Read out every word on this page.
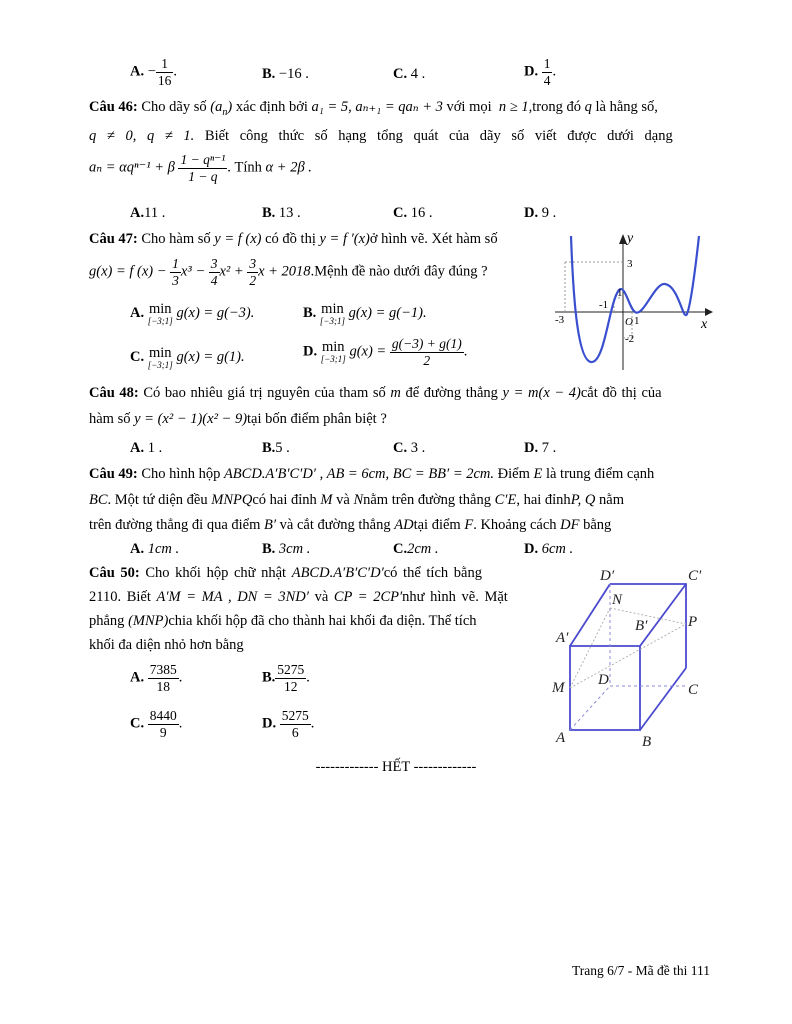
A. − $\frac{1}{16}$ .	B. −16 .	C. 4 .	D. $\frac{1}{4}$ .
Câu 46: Cho dãy số $(a_n)$ xác định bởi a₁ = 5, aₙ₊₁ = qaₙ + 3 với mọi n ≥ 1,trong đó q là hằng số,
q ≠ 0, q ≠ 1. Biết công thức số hạng tổng quát của dãy số viết được dưới dạng
aₙ = αqⁿ⁻¹ + β $\frac{\text{1 − qⁿ⁻¹}}{1 - q}$ . Tính α + 2β .
A.11 .	B. 13 .	C. 16 .	D. 9 .
Câu 47: Cho hàm số y = f (x) có đồ thị y = f ′(x)ở hình vẽ. Xét hàm số
g(x) = f $(x) - \frac{1}{3} x^3 - \frac{3}{4} x^2 + \frac{3}{2}$ x + 2018.Mệnh đề nào dưới đây đúng ?
A. min
[−3;1] g(x) = g(−3).	B. min
[−3;1] g(x) = g(−1).
C. min
[−3;1] g(x) = g(1).	D. min
[−3;1] $g(x) = \frac{g(-3) + g(1)}{2}$ .
y
x
O
3
-1
1
-3	1
-2
Câu 48: Có bao nhiêu giá trị nguyên của tham số m để đường thẳng y = m(x − 4)cắt đồ thị của
hàm số y = (x² − 1)(x² − 9)tại bốn điểm phân biệt ?
A. 1 .	B.5 .	C. 3 .	D. 7 .
Câu 49: Cho hình hộp ABCD.A′B′C′D′ , AB = 6cm, BC = BB′ = 2cm. Điểm E là trung điểm cạnh
BC. Một tứ diện đều MNPQcó hai đỉnh M và Nnằm trên đường thẳng C′E, hai đỉnhP, Q nằm
trên đường thẳng đi qua điểm B′ và cắt đường thẳng ADtại điểm F. Khoảng cách DF bằng
A. 1cm .	B. 3cm .	C.2cm .	D. 6cm .
Câu 50: Cho khối hộp chữ nhật ABCD.A′B′C′D′có thể tích bằng
2110. Biết A′M = MA , DN = 3ND′ và CP = 2CP′như hình vẽ. Mặt
phẳng (MNP)chia khối hộp đã cho thành hai khối đa diện. Thể tích
khối đa diện nhỏ hơn bằng
A. $\frac{7385}{18}$ .	B. $\frac{5275}{12}$ .
C. $\frac{8440}{9}$ .	D. $\frac{5275}{6}$ .
D′	C′
N
A′
B′	P
M D
C
A	B
------------- HẾT -------------
Trang 6/7 - Mã đề thi 111
